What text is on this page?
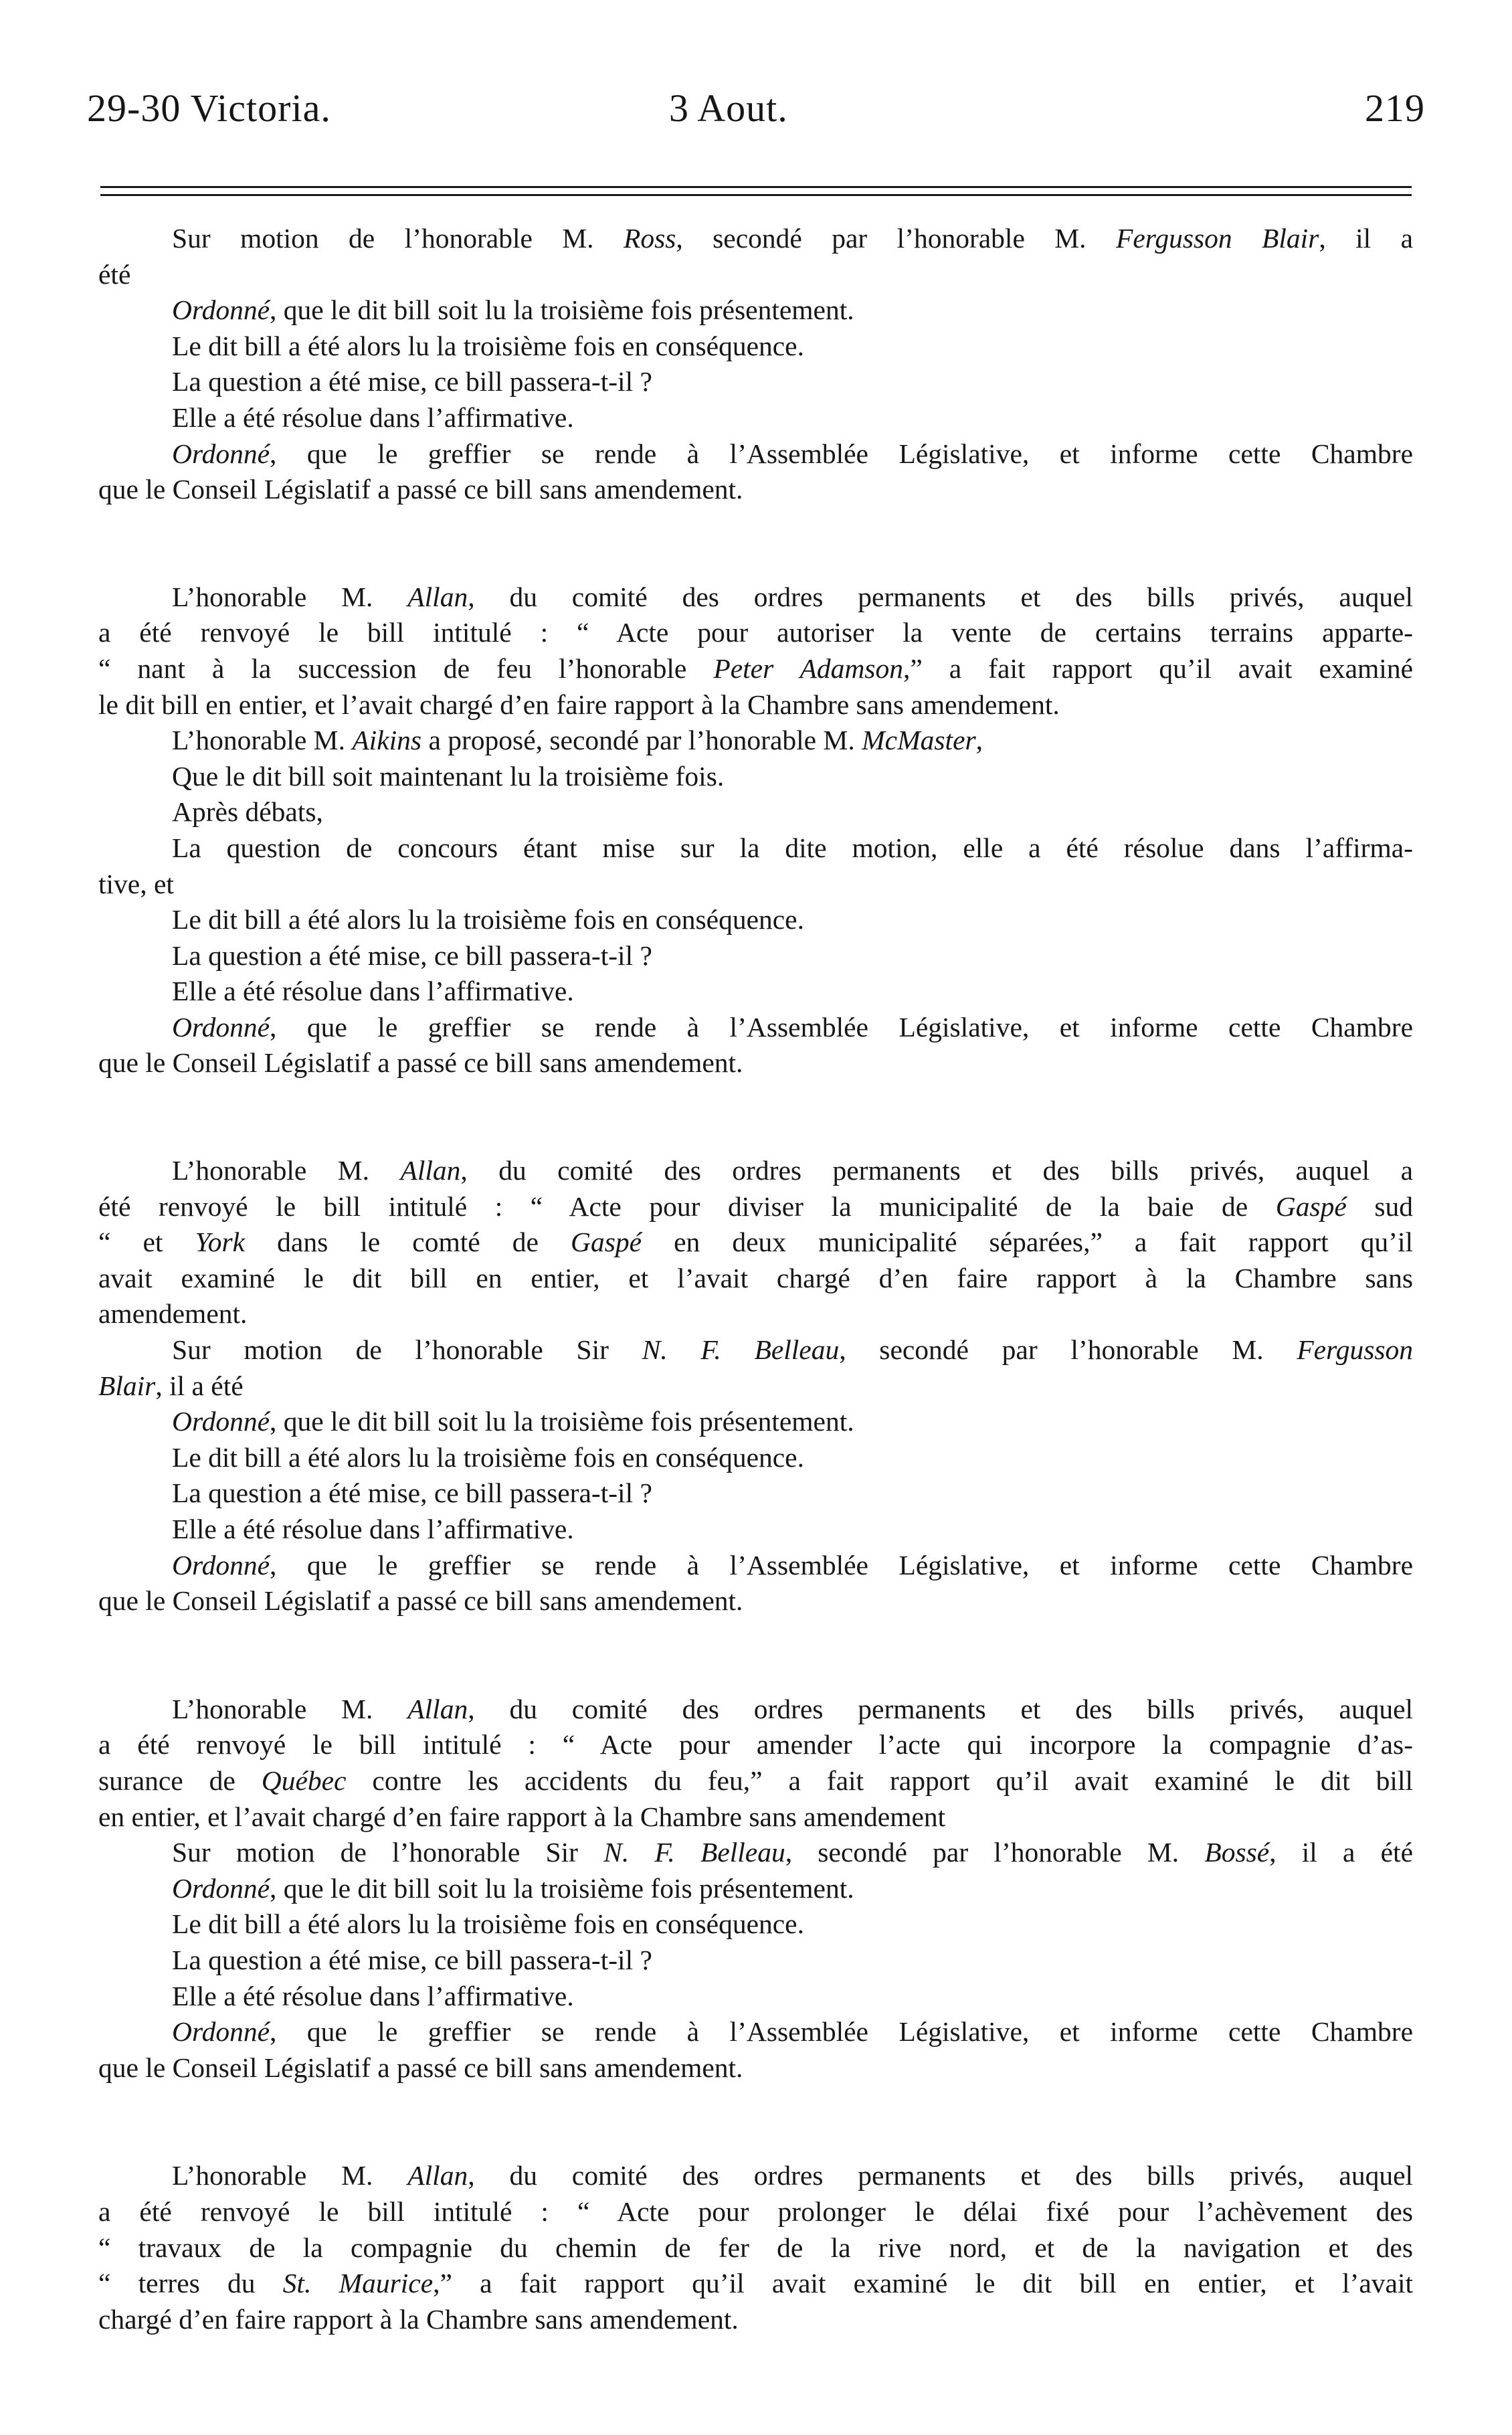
29-30 Victoria.	3 Aout.	219
Sur motion de l’honorable M. Ross, secondé par l’honorable M. Fergusson Blair, il a
été
Ordonné, que le dit bill soit lu la troisième fois présentement.
Le dit bill a été alors lu la troisième fois en conséquence.
La question a été mise, ce bill passera-t-il ?
Elle a été résolue dans l’affirmative.
Ordonné, que le greffier se rende à l’Assemblée Législative, et informe cette Chambre
que le Conseil Législatif a passé ce bill sans amendement.
L’honorable M. Allan, du comité des ordres permanents et des bills privés, auquel
a été renvoyé le bill intitulé : “ Acte pour autoriser la vente de certains terrains apparte-
“ nant à la succession de feu l’honorable Peter Adamson,” a fait rapport qu’il avait examiné
le dit bill en entier, et l’avait chargé d’en faire rapport à la Chambre sans amendement.
L’honorable M. Aikins a proposé, secondé par l’honorable M. McMaster,
Que le dit bill soit maintenant lu la troisième fois.
Après débats,
La question de concours étant mise sur la dite motion, elle a été résolue dans l’affirma-
tive, et
Le dit bill a été alors lu la troisième fois en conséquence.
La question a été mise, ce bill passera-t-il ?
Elle a été résolue dans l’affirmative.
Ordonné, que le greffier se rende à l’Assemblée Législative, et informe cette Chambre
que le Conseil Législatif a passé ce bill sans amendement.
L’honorable M. Allan, du comité des ordres permanents et des bills privés, auquel a
été renvoyé le bill intitulé : “ Acte pour diviser la municipalité de la baie de Gaspé sud
“ et York dans le comté de Gaspé en deux municipalité séparées,” a fait rapport qu’il
avait examiné le dit bill en entier, et l’avait chargé d’en faire rapport à la Chambre sans
amendement.
Sur motion de l’honorable Sir N. F. Belleau, secondé par l’honorable M. Fergusson
Blair, il a été
Ordonné, que le dit bill soit lu la troisième fois présentement.
Le dit bill a été alors lu la troisième fois en conséquence.
La question a été mise, ce bill passera-t-il ?
Elle a été résolue dans l’affirmative.
Ordonné, que le greffier se rende à l’Assemblée Législative, et informe cette Chambre
que le Conseil Législatif a passé ce bill sans amendement.
L’honorable M. Allan, du comité des ordres permanents et des bills privés, auquel
a été renvoyé le bill intitulé : “ Acte pour amender l’acte qui incorpore la compagnie d’as-
surance de Québec contre les accidents du feu,” a fait rapport qu’il avait examiné le dit bill
en entier, et l’avait chargé d’en faire rapport à la Chambre sans amendement
Sur motion de l’honorable Sir N. F. Belleau, secondé par l’honorable M. Bossé, il a été
Ordonné, que le dit bill soit lu la troisième fois présentement.
Le dit bill a été alors lu la troisième fois en conséquence.
La question a été mise, ce bill passera-t-il ?
Elle a été résolue dans l’affirmative.
Ordonné, que le greffier se rende à l’Assemblée Législative, et informe cette Chambre
que le Conseil Législatif a passé ce bill sans amendement.
L’honorable M. Allan, du comité des ordres permanents et des bills privés, auquel
a été renvoyé le bill intitulé : “ Acte pour prolonger le délai fixé pour l’achèvement des
“ travaux de la compagnie du chemin de fer de la rive nord, et de la navigation et des
“ terres du St. Maurice,” a fait rapport qu’il avait examiné le dit bill en entier, et l’avait
chargé d’en faire rapport à la Chambre sans amendement.
